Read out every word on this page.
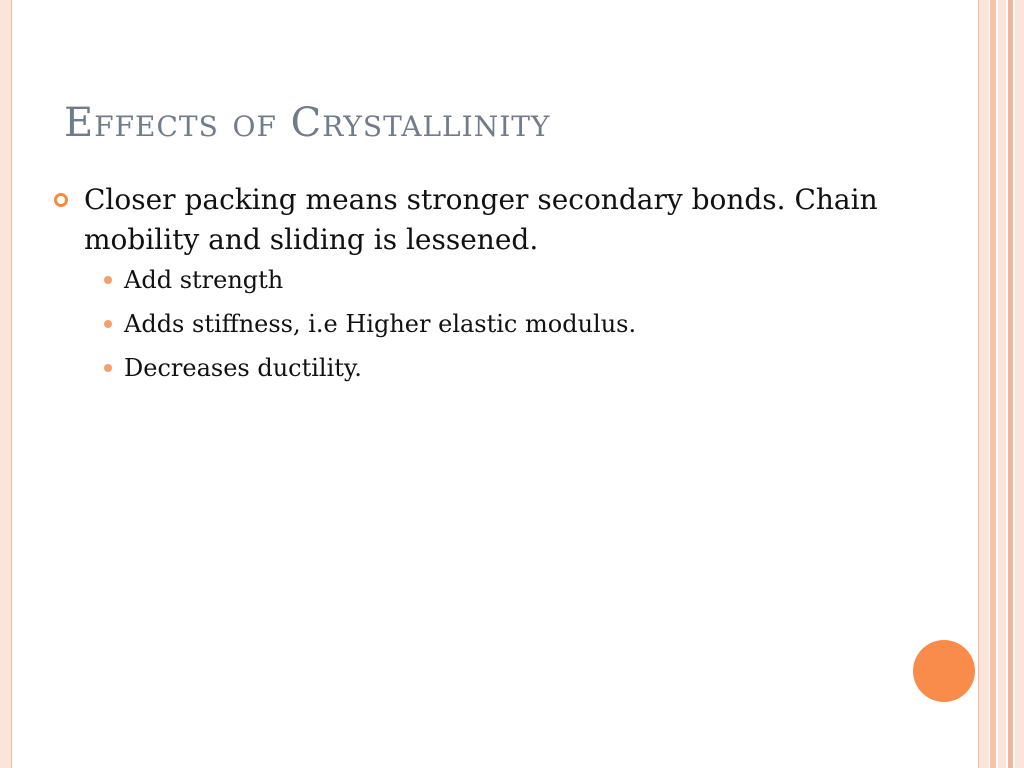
Effects of Crystallinity
Closer packing means stronger secondary bonds. Chain mobility and sliding is lessened.
Add strength
Adds stiffness, i.e Higher elastic modulus.
Decreases ductility.
